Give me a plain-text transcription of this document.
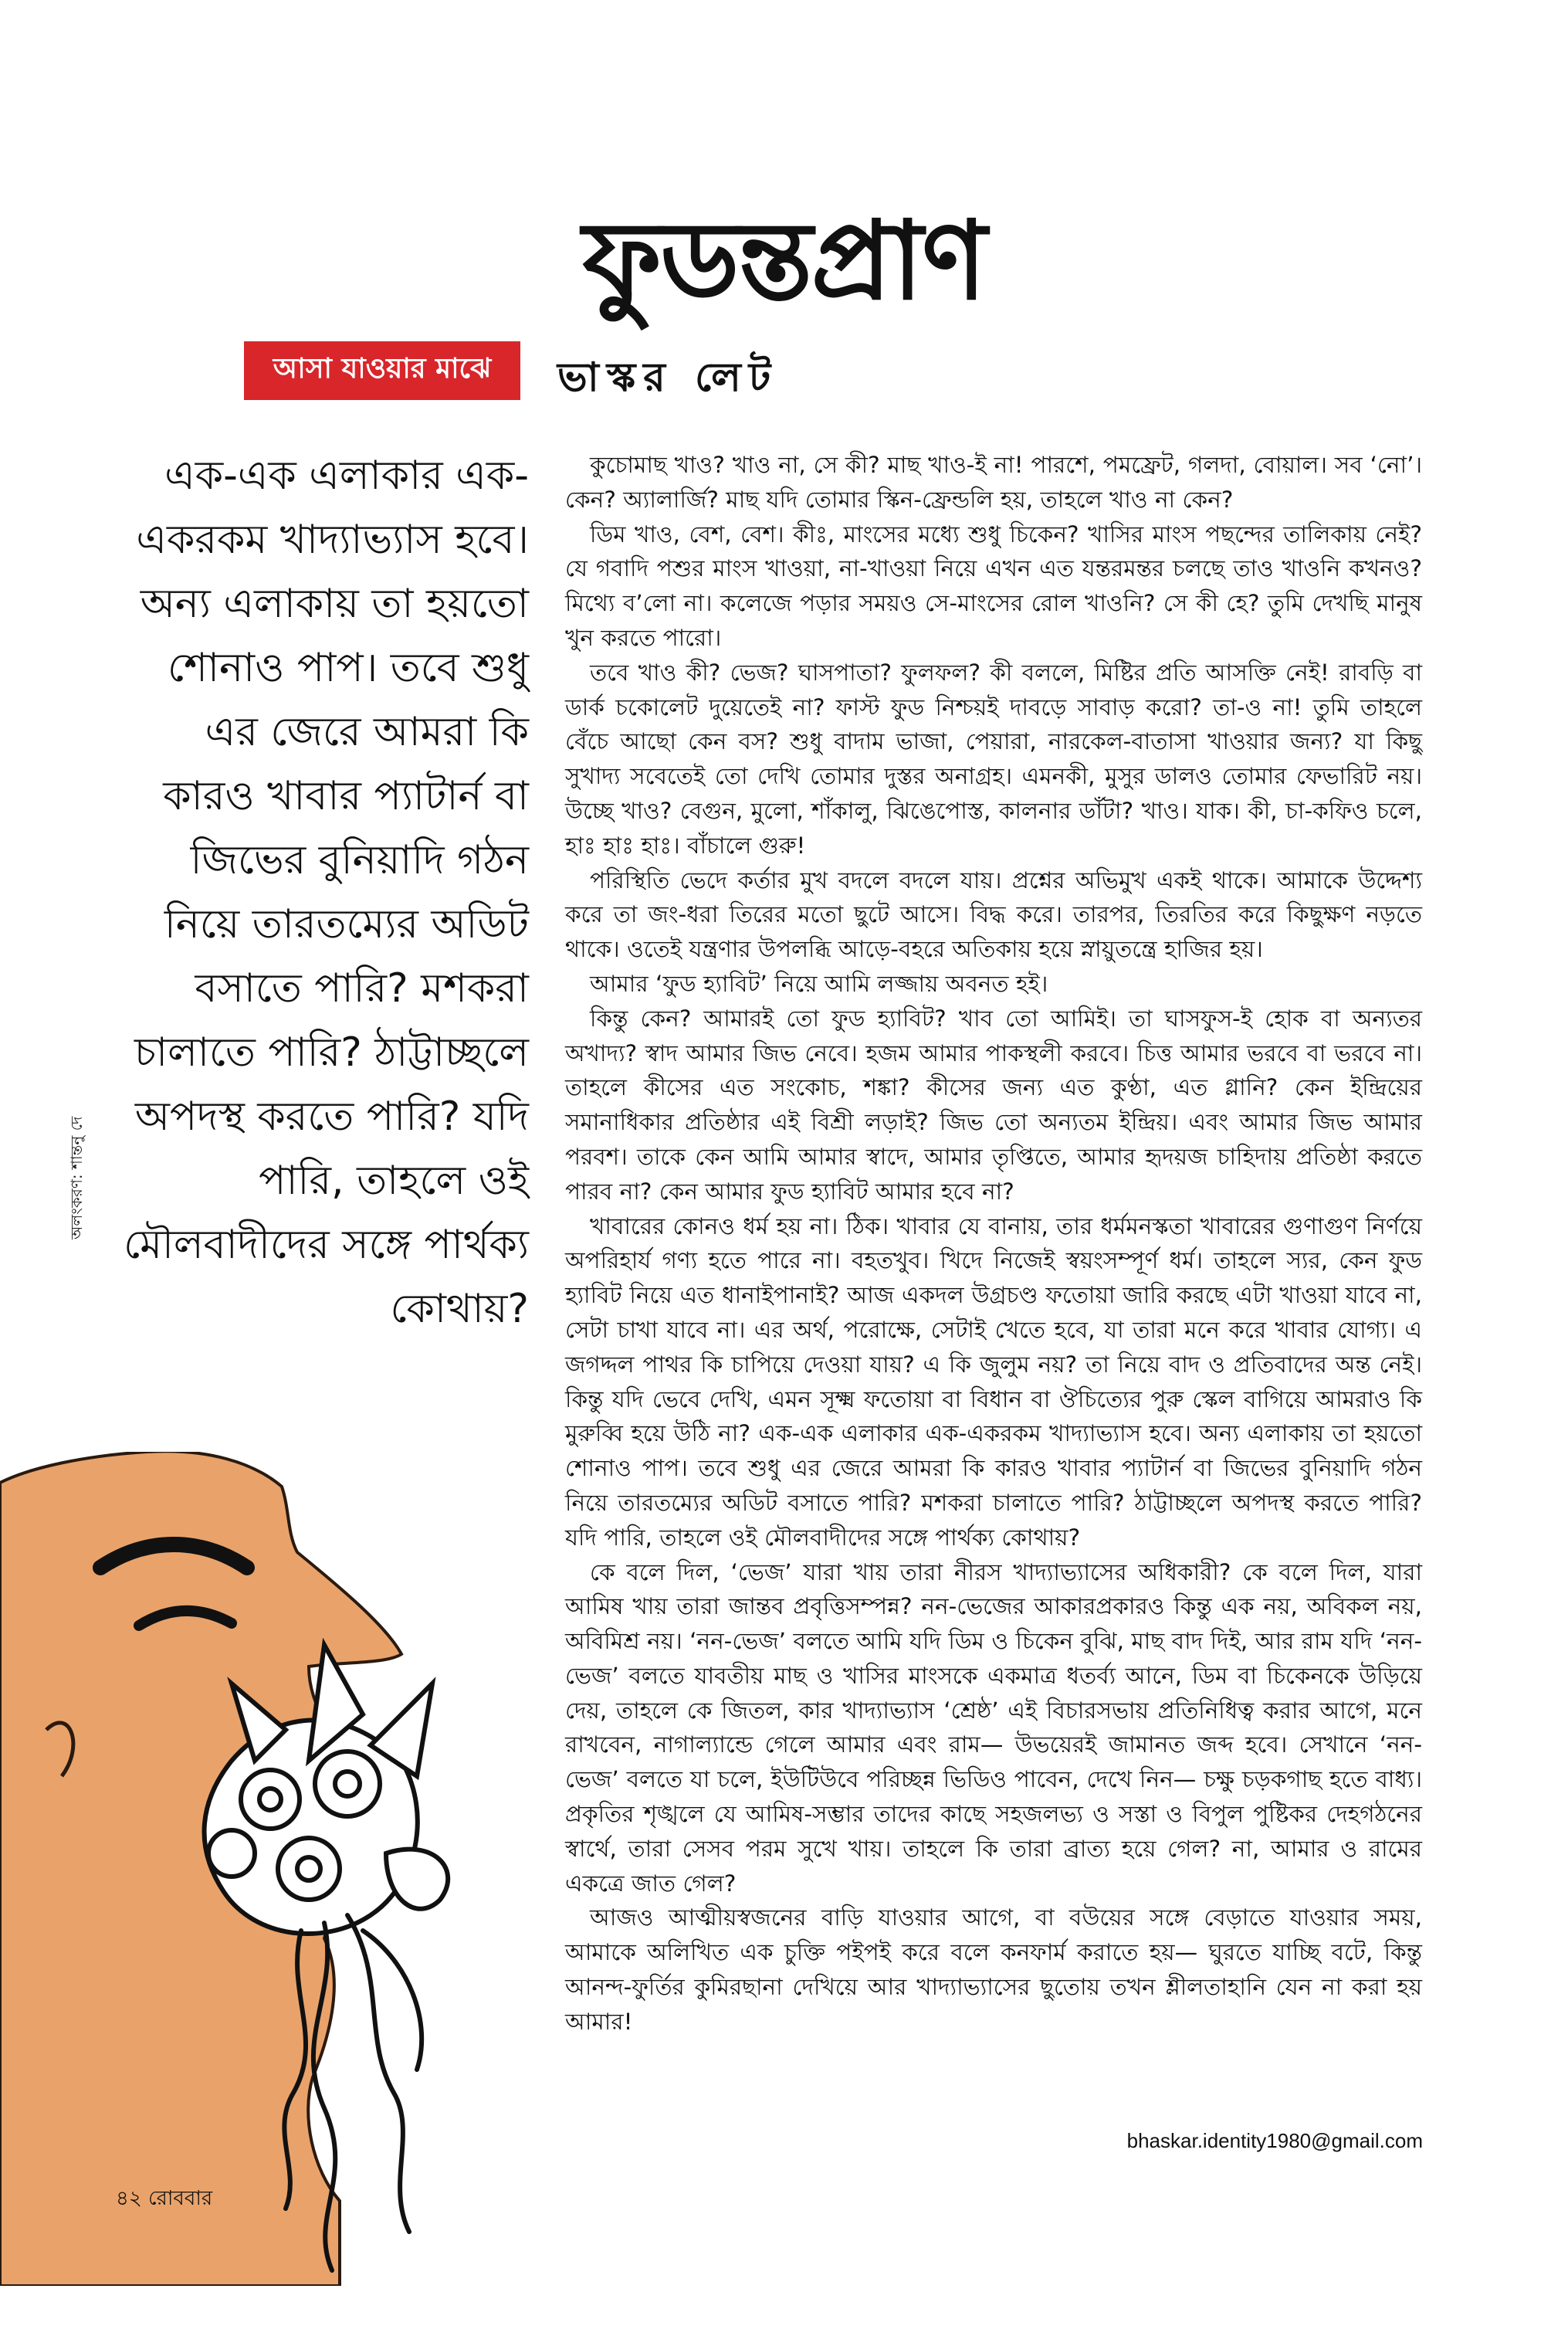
ফুডন্তপ্রাণ
আসা যাওয়ার মাঝে	ভাস্কর লেট

এক-এক এলাকার এক-একরকম খাদ্যাভ্যাস হবে। অন্য এলাকায় তা হয়তো শোনাও পাপ। তবে শুধু এর জেরে আমরা কি কারও খাবার প্যাটার্ন বা জিভের বুনিয়াদি গঠন নিয়ে তারতম্যের অডিট বসাতে পারি? মশকরা চালাতে পারি? ঠাট্টাচ্ছলে অপদস্থ করতে পারি? যদি পারি, তাহলে ওই মৌলবাদীদের সঙ্গে পার্থক্য কোথায়?

অলংকরণ: শান্তনু দে

কুচোমাছ খাও? খাও না, সে কী? মাছ খাও-ই না! পারশে, পমফ্রেট, গলদা, বোয়াল। সব ‘নো’। কেন? অ্যালার্জি? মাছ যদি তোমার স্কিন-ফ্রেন্ডলি হয়, তাহলে খাও না কেন?

ডিম খাও, বেশ, বেশ। কীঃ, মাংসের মধ্যে শুধু চিকেন? খাসির মাংস পছন্দের তালিকায় নেই? যে গবাদি পশুর মাংস খাওয়া, না-খাওয়া নিয়ে এখন এত যন্তরমন্তর চলছে তাও খাওনি কখনও? মিথ্যে ব’লো না। কলেজে পড়ার সময়ও সে-মাংসের রোল খাওনি? সে কী হে? তুমি দেখছি মানুষ খুন করতে পারো।

তবে খাও কী? ভেজ? ঘাসপাতা? ফুলফল? কী বললে, মিষ্টির প্রতি আসক্তি নেই! রাবড়ি বা ডার্ক চকোলেট দুয়েতেই না? ফাস্ট ফুড নিশ্চয়ই দাবড়ে সাবাড় করো? তা-ও না! তুমি তাহলে বেঁচে আছো কেন বস? শুধু বাদাম ভাজা, পেয়ারা, নারকেল-বাতাসা খাওয়ার জন্য? যা কিছু সুখাদ্য সবেতেই তো দেখি তোমার দুস্তর অনাগ্রহ। এমনকী, মুসুর ডালও তোমার ফেভারিট নয়। উচ্ছে খাও? বেগুন, মুলো, শাঁকালু, ঝিঙেপোস্ত, কালনার ডাঁটা? খাও। যাক। কী, চা-কফিও চলে, হাঃ হাঃ হাঃ। বাঁচালে গুরু!

পরিস্থিতি ভেদে কর্তার মুখ বদলে বদলে যায়। প্রশ্নের অভিমুখ একই থাকে। আমাকে উদ্দেশ্য করে তা জং-ধরা তিরের মতো ছুটে আসে। বিদ্ধ করে। তারপর, তিরতির করে কিছুক্ষণ নড়তে থাকে। ওতেই যন্ত্রণার উপলব্ধি আড়ে-বহরে অতিকায় হয়ে স্নায়ুতন্ত্রে হাজির হয়।

আমার ‘ফুড হ্যাবিট’ নিয়ে আমি লজ্জায় অবনত হই।

কিন্তু কেন? আমারই তো ফুড হ্যাবিট? খাব তো আমিই। তা ঘাসফুস-ই হোক বা অন্যতর অখাদ্য? স্বাদ আমার জিভ নেবে। হজম আমার পাকস্থলী করবে। চিত্ত আমার ভরবে বা ভরবে না। তাহলে কীসের এত সংকোচ, শঙ্কা? কীসের জন্য এত কুণ্ঠা, এত গ্লানি? কেন ইন্দ্রিয়ের সমানাধিকার প্রতিষ্ঠার এই বিশ্রী লড়াই? জিভ তো অন্যতম ইন্দ্রিয়। এবং আমার জিভ আমার পরবশ। তাকে কেন আমি আমার স্বাদে, আমার তৃপ্তিতে, আমার হৃদয়জ চাহিদায় প্রতিষ্ঠা করতে পারব না? কেন আমার ফুড হ্যাবিট আমার হবে না?

খাবারের কোনও ধর্ম হয় না। ঠিক। খাবার যে বানায়, তার ধর্মমনস্কতা খাবারের গুণাগুণ নির্ণয়ে অপরিহার্য গণ্য হতে পারে না। বহতখুব। খিদে নিজেই স্বয়ংসম্পূর্ণ ধর্ম। তাহলে স্যর, কেন ফুড হ্যাবিট নিয়ে এত ধানাইপানাই? আজ একদল উগ্রচণ্ড ফতোয়া জারি করছে এটা খাওয়া যাবে না, সেটা চাখা যাবে না। এর অর্থ, পরোক্ষে, সেটাই খেতে হবে, যা তারা মনে করে খাবার যোগ্য। এ জগদ্দল পাথর কি চাপিয়ে দেওয়া যায়? এ কি জুলুম নয়? তা নিয়ে বাদ ও প্রতিবাদের অন্ত নেই। কিন্তু যদি ভেবে দেখি, এমন সূক্ষ্ম ফতোয়া বা বিধান বা ঔচিত্যের পুরু স্কেল বাগিয়ে আমরাও কি মুরুব্বি হয়ে উঠি না? এক-এক এলাকার এক-একরকম খাদ্যাভ্যাস হবে। অন্য এলাকায় তা হয়তো শোনাও পাপ। তবে শুধু এর জেরে আমরা কি কারও খাবার প্যাটার্ন বা জিভের বুনিয়াদি গঠন নিয়ে তারতম্যের অডিট বসাতে পারি? মশকরা চালাতে পারি? ঠাট্টাচ্ছলে অপদস্থ করতে পারি? যদি পারি, তাহলে ওই মৌলবাদীদের সঙ্গে পার্থক্য কোথায়?

কে বলে দিল, ‘ভেজ’ যারা খায় তারা নীরস খাদ্যাভ্যাসের অধিকারী? কে বলে দিল, যারা আমিষ খায় তারা জান্তব প্রবৃত্তিসম্পন্ন? নন-ভেজের আকারপ্রকারও কিন্তু এক নয়, অবিকল নয়, অবিমিশ্র নয়। ‘নন-ভেজ’ বলতে আমি যদি ডিম ও চিকেন বুঝি, মাছ বাদ দিই, আর রাম যদি ‘নন-ভেজ’ বলতে যাবতীয় মাছ ও খাসির মাংসকে একমাত্র ধতর্ব্য আনে, ডিম বা চিকেনকে উড়িয়ে দেয়, তাহলে কে জিতল, কার খাদ্যাভ্যাস ‘শ্রেষ্ঠ’ এই বিচারসভায় প্রতিনিধিত্ব করার আগে, মনে রাখবেন, নাগাল্যান্ডে গেলে আমার এবং রাম— উভয়েরই জামানত জব্দ হবে। সেখানে ‘নন-ভেজ’ বলতে যা চলে, ইউটিউবে পরিচ্ছন্ন ভিডিও পাবেন, দেখে নিন— চক্ষু চড়কগাছ হতে বাধ্য। প্রকৃতির শৃঙ্খলে যে আমিষ-সম্ভার তাদের কাছে সহজলভ্য ও সস্তা ও বিপুল পুষ্টিকর দেহগঠনের স্বার্থে, তারা সেসব পরম সুখে খায়। তাহলে কি তারা ব্রাত্য হয়ে গেল? না, আমার ও রামের একত্রে জাত গেল?

আজও আত্মীয়স্বজনের বাড়ি যাওয়ার আগে, বা বউয়ের সঙ্গে বেড়াতে যাওয়ার সময়, আমাকে অলিখিত এক চুক্তি পইপই করে বলে কনফার্ম করাতে হয়— ঘুরতে যাচ্ছি বটে, কিন্তু আনন্দ-ফুর্তির কুমিরছানা দেখিয়ে আর খাদ্যাভ্যাসের ছুতোয় তখন শ্লীলতাহানি যেন না করা হয় আমার!

bhaskar.identity1980@gmail.com
৪২ রোববার
